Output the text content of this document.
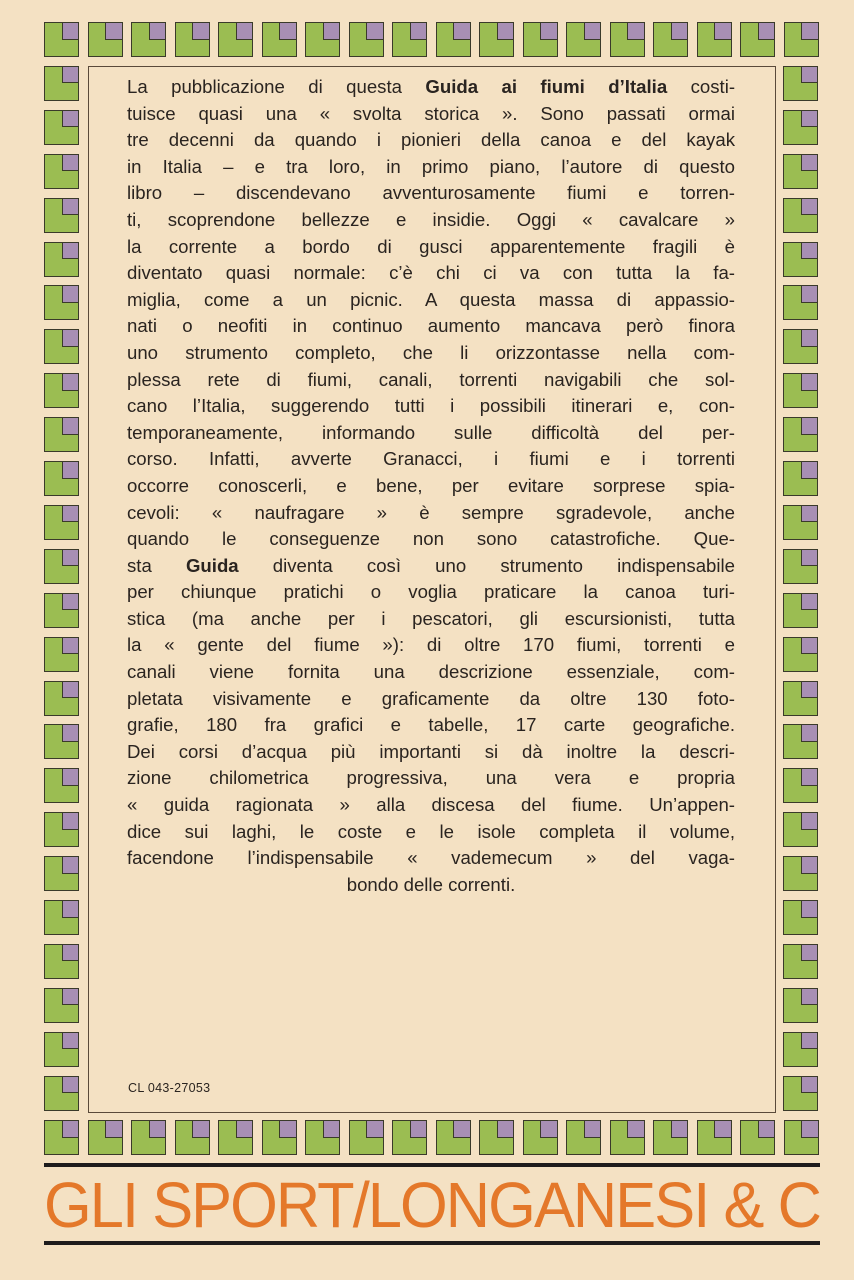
La pubblicazione di questa Guida ai fiumi d’Italia costi-
tuisce quasi una « svolta storica ». Sono passati ormai
tre decenni da quando i pionieri della canoa e del kayak
in Italia – e tra loro, in primo piano, l’autore di questo
libro – discendevano avventurosamente fiumi e torren-
ti, scoprendone bellezze e insidie. Oggi « cavalcare »
la corrente a bordo di gusci apparentemente fragili è
diventato quasi normale: c’è chi ci va con tutta la fa-
miglia, come a un picnic. A questa massa di appassio-
nati o neofiti in continuo aumento mancava però finora
uno strumento completo, che li orizzontasse nella com-
plessa rete di fiumi, canali, torrenti navigabili che sol-
cano l’Italia, suggerendo tutti i possibili itinerari e, con-
temporaneamente, informando sulle difficoltà del per-
corso. Infatti, avverte Granacci, i fiumi e i torrenti
occorre conoscerli, e bene, per evitare sorprese spia-
cevoli: « naufragare » è sempre sgradevole, anche
quando le conseguenze non sono catastrofiche. Que-
sta Guida diventa così uno strumento indispensabile
per chiunque pratichi o voglia praticare la canoa turi-
stica (ma anche per i pescatori, gli escursionisti, tutta
la « gente del fiume »): di oltre 170 fiumi, torrenti e
canali viene fornita una descrizione essenziale, com-
pletata visivamente e graficamente da oltre 130 foto-
grafie, 180 fra grafici e tabelle, 17 carte geografiche.
Dei corsi d’acqua più importanti si dà inoltre la descri-
zione chilometrica progressiva, una vera e propria
« guida ragionata » alla discesa del fiume. Un’appen-
dice sui laghi, le coste e le isole completa il volume,
facendone l’indispensabile « vademecum » del vaga-
bondo delle correnti.
CL 043-27053
GLI SPORT/LONGANESI & C
